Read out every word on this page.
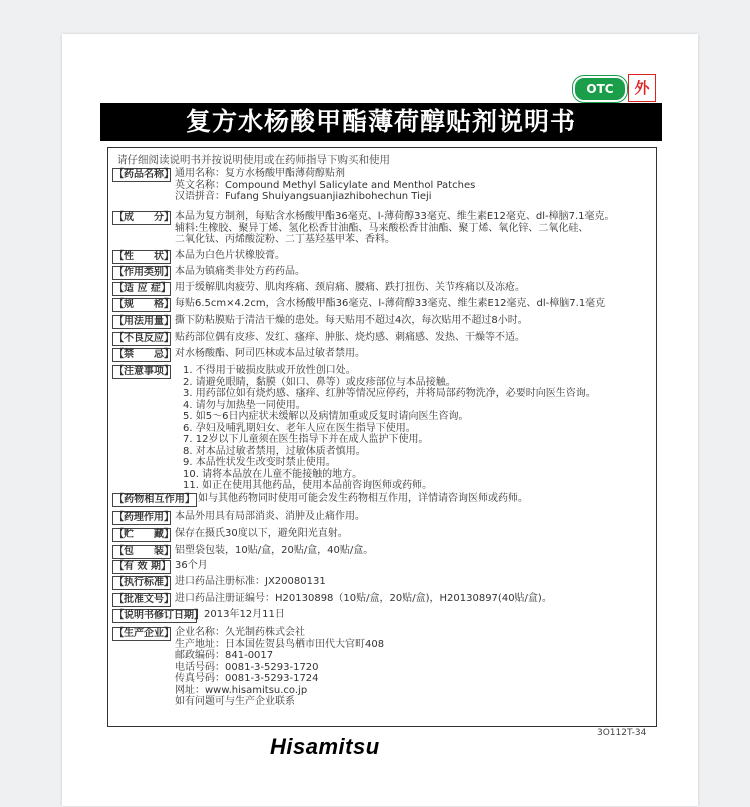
OTC	外
复方水杨酸甲酯薄荷醇贴剂说明书
请仔细阅读说明书并按说明使用或在药师指导下购买和使用
【药品名称】 通用名称：复方水杨酸甲酯薄荷醇贴剂
英文名称：Compound Methyl Salicylate and Menthol Patches
汉语拼音：Fufang Shuiyangsuanjiazhibohechun Tieji
【成　　分】 本品为复方制剂，每贴含水杨酸甲酯36毫克、l-薄荷醇33毫克、维生素E12毫克、dl-樟脑7.1毫克。
辅料:生橡胶、聚异丁烯、氢化松香甘油酯、马来酸松香甘油酯、聚丁烯、氧化锌、二氧化硅、
二氧化钛、丙烯酸淀粉、二丁基羟基甲苯、香料。
【性　　状】 本品为白色片状橡胶膏。
【作用类别】 本品为镇痛类非处方药药品。
【适 应 症】 用于缓解肌肉疲劳、肌肉疼痛、颈肩痛、腰痛、跌打扭伤、关节疼痛以及冻疮。
【规　　格】 每贴6.5cm×4.2cm，含水杨酸甲酯36毫克、l-薄荷醇33毫克、维生素E12毫克、dl-樟脑7.1毫克
【用法用量】 撕下防粘膜贴于清洁干燥的患处。每天贴用不超过4次，每次贴用不超过8小时。
【不良反应】 贴药部位偶有皮疹、发红、瘙痒、肿胀、烧灼感、刺痛感、发热、干燥等不适。
【禁　　忌】 对水杨酸酯、阿司匹林或本品过敏者禁用。
【注意事项】 1. 不得用于破损皮肤或开放性创口处。
2. 请避免眼睛，黏膜（如口、鼻等）或皮疹部位与本品接触。
3. 用药部位如有烧灼感、瘙痒、红肿等情况应停药，并将局部药物洗净，必要时向医生咨询。
4. 请勿与加热垫一同使用。
5. 如5～6日内症状未缓解以及病情加重或反复时请向医生咨询。
6. 孕妇及哺乳期妇女、老年人应在医生指导下使用。
7. 12岁以下儿童须在医生指导下并在成人监护下使用。
8. 对本品过敏者禁用，过敏体质者慎用。
9. 本品性状发生改变时禁止使用。
10. 请将本品放在儿童不能接触的地方。
11. 如正在使用其他药品，使用本品前咨询医师或药师。
【药物相互作用】 如与其他药物同时使用可能会发生药物相互作用，详情请咨询医师或药师。
【药理作用】 本品外用具有局部消炎、消肿及止痛作用。
【贮　　藏】 保存在摄氏30度以下，避免阳光直射。
【包　　装】 铝塑袋包装，10贴/盒，20贴/盒，40贴/盒。
【有 效 期】 36个月
【执行标准】 进口药品注册标准：JX20080131
【批准文号】 进口药品注册证编号：H20130898（10贴/盒，20贴/盒)，H20130897(40贴/盒)。
【说明书修订日期】 2013年12月11日
【生产企业】 企业名称：久光制药株式会社
生产地址：日本国佐贺县鸟栖市田代大官町408
邮政编码：841-0017
电话号码：0081-3-5293-1720
传真号码：0081-3-5293-1724
网址：www.hisamitsu.co.jp
如有问题可与生产企业联系
3O112T-34
Hisamitsu
